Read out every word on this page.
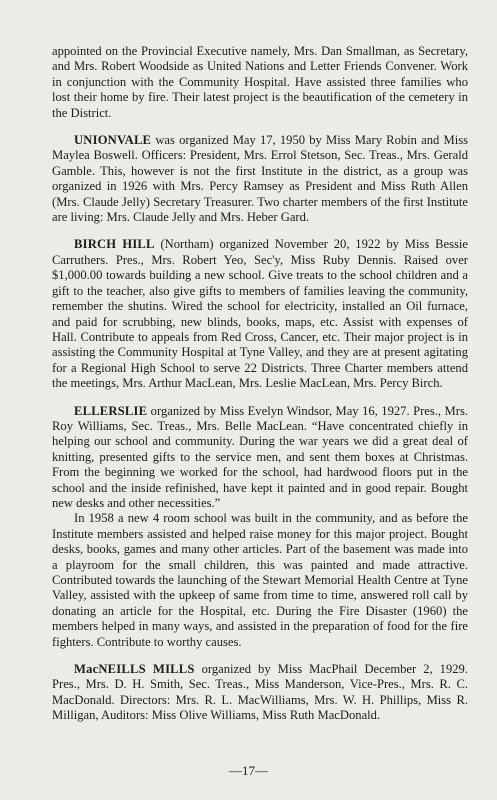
appointed on the Provincial Executive namely, Mrs. Dan Smallman, as Secretary, and Mrs. Robert Woodside as United Nations and Letter Friends Convener. Work in conjunction with the Community Hospital. Have assisted three families who lost their home by fire. Their latest project is the beautification of the cemetery in the District.

UNIONVALE was organized May 17, 1950 by Miss Mary Robin and Miss Maylea Boswell. Officers: President, Mrs. Errol Stetson, Sec. Treas., Mrs. Gerald Gamble. This, however is not the first Institute in the district, as a group was organized in 1926 with Mrs. Percy Ramsey as President and Miss Ruth Allen (Mrs. Claude Jelly) Secretary Treasurer. Two charter members of the first Institute are living: Mrs. Claude Jelly and Mrs. Heber Gard.

BIRCH HILL (Northam) organized November 20, 1922 by Miss Bessie Carruthers. Pres., Mrs. Robert Yeo, Sec'y, Miss Ruby Dennis. Raised over $1,000.00 towards building a new school. Give treats to the school children and a gift to the teacher, also give gifts to members of families leaving the community, remember the shutins. Wired the school for electricity, installed an Oil furnace, and paid for scrubbing, new blinds, books, maps, etc. Assist with expenses of Hall. Contribute to appeals from Red Cross, Cancer, etc. Their major project is in assisting the Community Hospital at Tyne Valley, and they are at present agitating for a Regional High School to serve 22 Districts. Three Charter members attend the meetings, Mrs. Arthur MacLean, Mrs. Leslie MacLean, Mrs. Percy Birch.

ELLERSLIE organized by Miss Evelyn Windsor, May 16, 1927. Pres., Mrs. Roy Williams, Sec. Treas., Mrs. Belle MacLean. “Have concentrated chiefly in helping our school and community. During the war years we did a great deal of knitting, presented gifts to the service men, and sent them boxes at Christmas. From the beginning we worked for the school, had hardwood floors put in the school and the inside refinished, have kept it painted and in good repair. Bought new desks and other necessities.”

In 1958 a new 4 room school was built in the community, and as before the Institute members assisted and helped raise money for this major project. Bought desks, books, games and many other articles. Part of the basement was made into a playroom for the small children, this was painted and made attractive. Contributed towards the launching of the Stewart Memorial Health Centre at Tyne Valley, assisted with the upkeep of same from time to time, answered roll call by donating an article for the Hospital, etc. During the Fire Disaster (1960) the members helped in many ways, and assisted in the preparation of food for the fire fighters. Contribute to worthy causes.

MacNEILLS MILLS organized by Miss MacPhail December 2, 1929. Pres., Mrs. D. H. Smith, Sec. Treas., Miss Manderson, Vice-Pres., Mrs. R. C. MacDonald. Directors: Mrs. R. L. MacWilliams, Mrs. W. H. Phillips, Miss R. Milligan, Auditors: Miss Olive Williams, Miss Ruth MacDonald.

—17—
